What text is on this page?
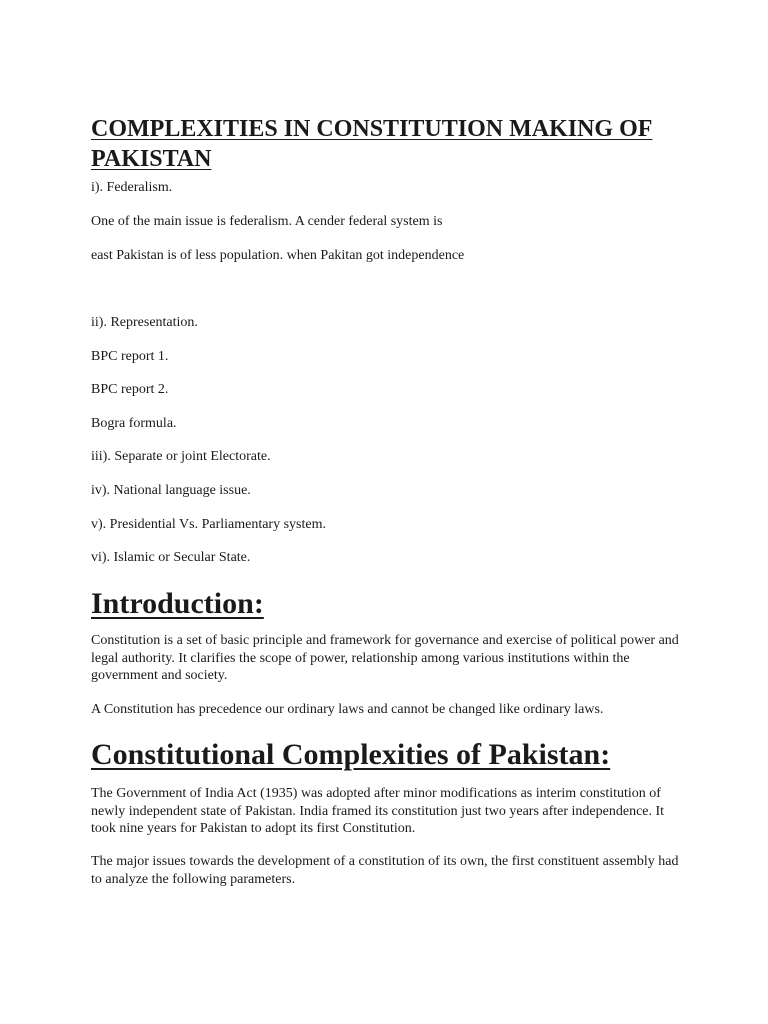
COMPLEXITIES IN CONSTITUTION MAKING OF PAKISTAN

i). Federalism.

One of the main issue is federalism. A cender federal system is

east Pakistan is of less population. when Pakitan got independence

ii). Representation.

BPC report 1.

BPC report 2.

Bogra formula.

iii). Separate or joint Electorate.

iv). National language issue.

v). Presidential Vs. Parliamentary system.

vi). Islamic or Secular State.

Introduction:

Constitution is a set of basic principle and framework for governance and exercise of political power and legal authority. It clarifies the scope of power, relationship among various institutions within the government and society.

A Constitution has precedence our ordinary laws and cannot be changed like ordinary laws.

Constitutional Complexities of Pakistan:

The Government of India Act (1935) was adopted after minor modifications as interim constitution of newly independent state of Pakistan. India framed its constitution just two years after independence. It took nine years for Pakistan to adopt its first Constitution.

The major issues towards the development of a constitution of its own, the first constituent assembly had to analyze the following parameters.
